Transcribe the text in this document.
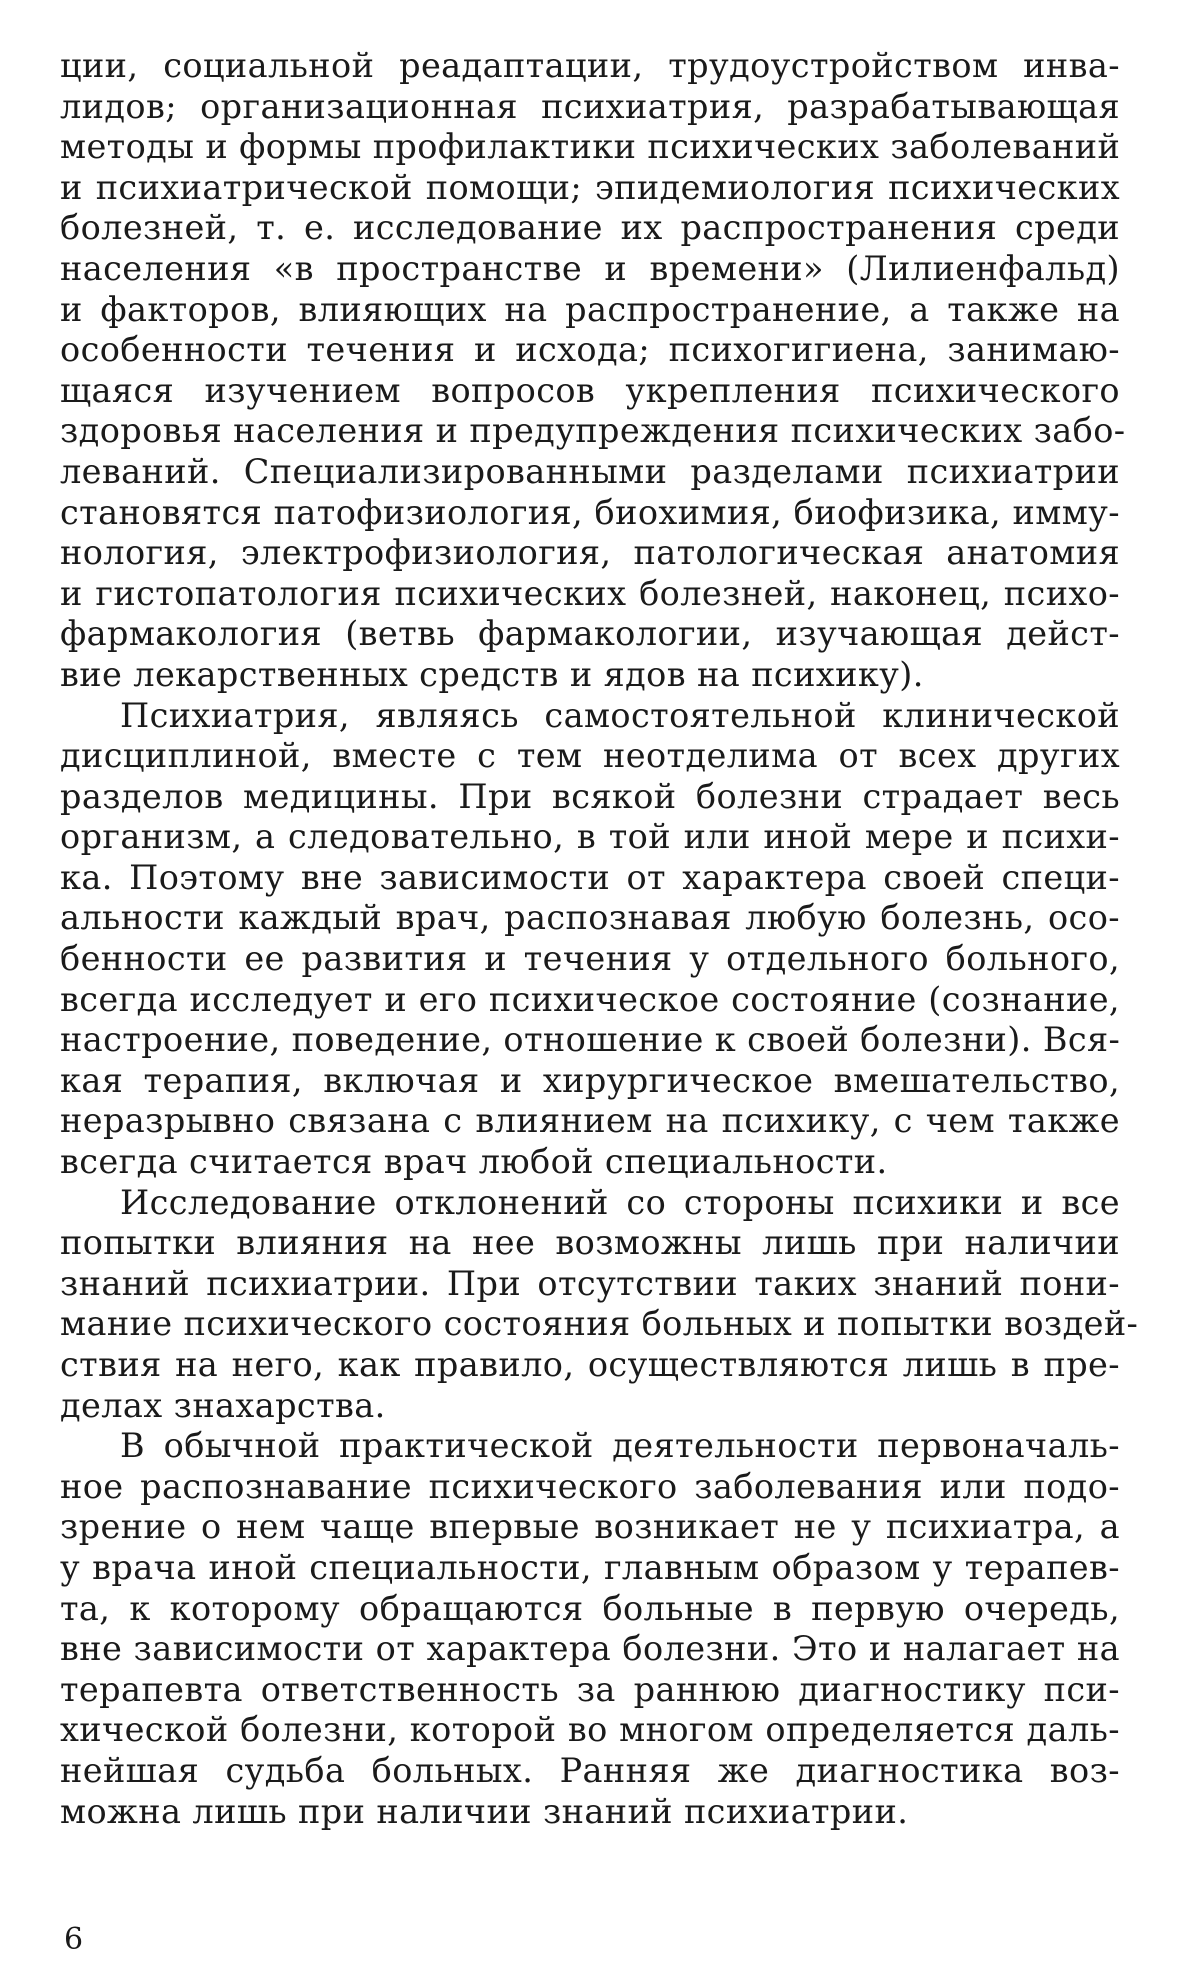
ции, социальной реадаптации, трудоустройством инва-
лидов; организационная психиатрия, разрабатывающая
методы и формы профилактики психических заболеваний
и психиатрической помощи; эпидемиология психических
болезней, т. е. исследование их распространения среди
населения «в пространстве и времени» (Лилиенфальд)
и факторов, влияющих на распространение, а также на
особенности течения и исхода; психогигиена, занимаю-
щаяся изучением вопросов укрепления психического
здоровья населения и предупреждения психических забо-
леваний. Специализированными разделами психиатрии
становятся патофизиология, биохимия, биофизика, имму-
нология, электрофизиология, патологическая анатомия
и гистопатология психических болезней, наконец, психо-
фармакология (ветвь фармакологии, изучающая дейст-
вие лекарственных средств и ядов на психику).
Психиатрия, являясь самостоятельной клинической
дисциплиной, вместе с тем неотделима от всех других
разделов медицины. При всякой болезни страдает весь
организм, а следовательно, в той или иной мере и психи-
ка. Поэтому вне зависимости от характера своей специ-
альности каждый врач, распознавая любую болезнь, осо-
бенности ее развития и течения у отдельного больного,
всегда исследует и его психическое состояние (сознание,
настроение, поведение, отношение к своей болезни). Вся-
кая терапия, включая и хирургическое вмешательство,
неразрывно связана с влиянием на психику, с чем также
всегда считается врач любой специальности.
Исследование отклонений со стороны психики и все
попытки влияния на нее возможны лишь при наличии
знаний психиатрии. При отсутствии таких знаний пони-
мание психического состояния больных и попытки воздей-
ствия на него, как правило, осуществляются лишь в пре-
делах знахарства.
В обычной практической деятельности первоначаль-
ное распознавание психического заболевания или подо-
зрение о нем чаще впервые возникает не у психиатра, а
у врача иной специальности, главным образом у терапев-
та, к которому обращаются больные в первую очередь,
вне зависимости от характера болезни. Это и налагает на
терапевта ответственность за раннюю диагностику пси-
хической болезни, которой во многом определяется даль-
нейшая судьба больных. Ранняя же диагностика воз-
можна лишь при наличии знаний психиатрии.
6
